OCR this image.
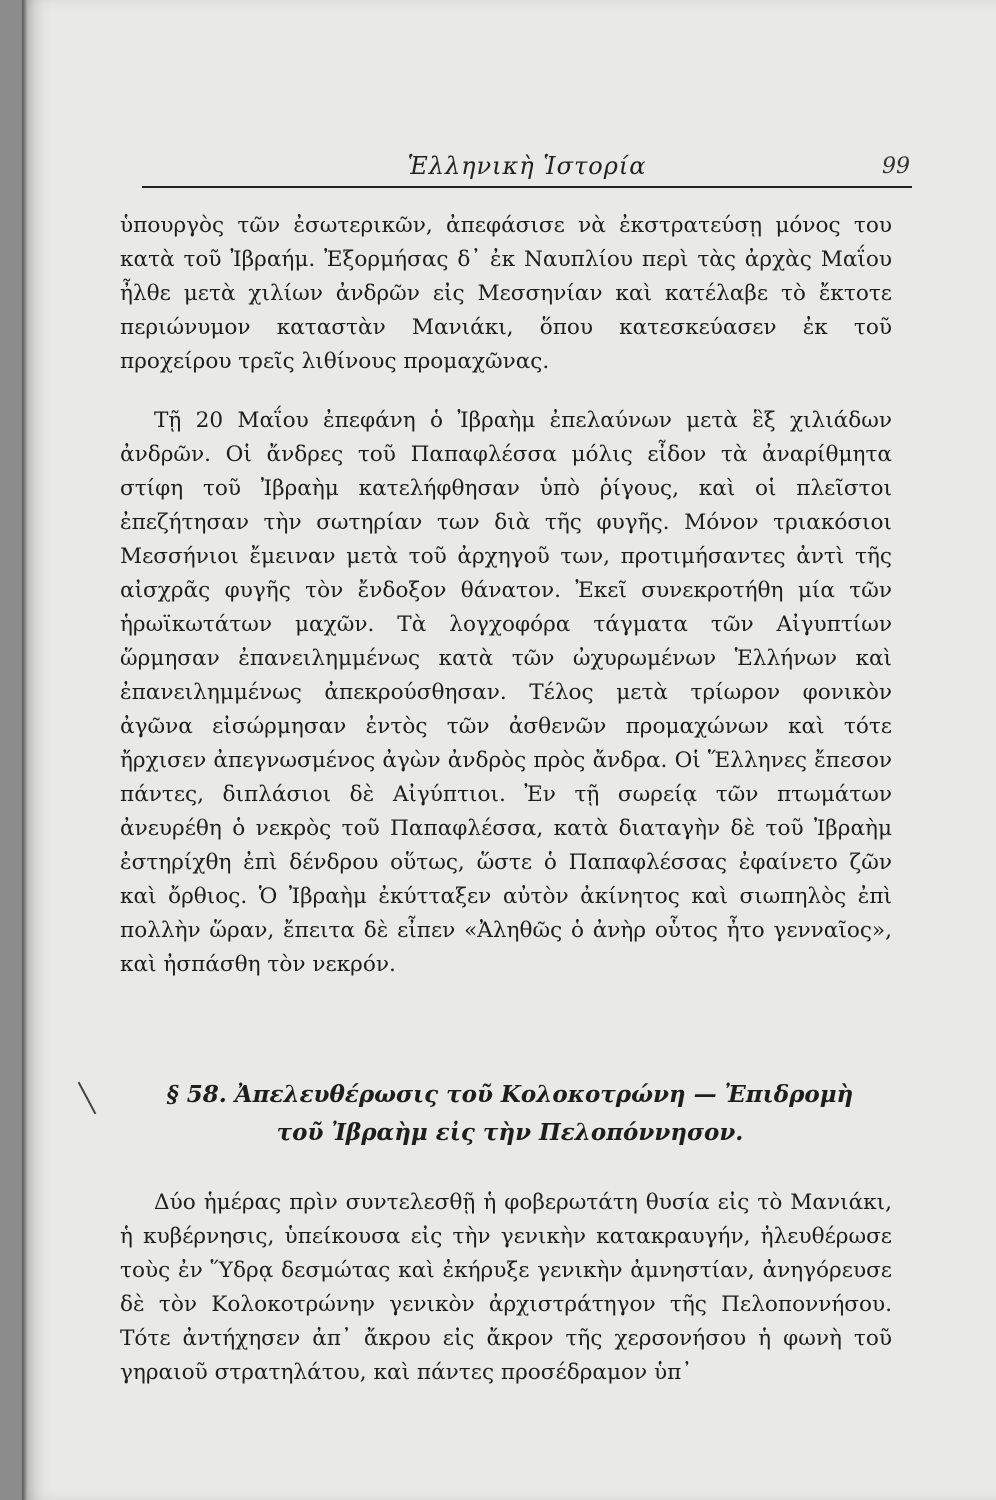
Ἑλληνικὴ Ἱστορία	99

ὑπουργὸς τῶν ἐσωτερικῶν, ἀπεφάσισε νὰ ἐκστρατεύσῃ μόνος του κατὰ τοῦ Ἰβραήμ. Ἐξορμήσας δ᾽ ἐκ Ναυπλίου περὶ τὰς ἀρχὰς Μαΐου ἦλθε μετὰ χιλίων ἀνδρῶν εἰς Μεσσηνίαν καὶ κατέλαβε τὸ ἔκτοτε περιώνυμον καταστὰν Μανιάκι, ὅπου κατεσκεύασεν ἐκ τοῦ προχείρου τρεῖς λιθίνους προμαχῶνας.

Τῇ 20 Μαΐου ἐπεφάνη ὁ Ἰβραὴμ ἐπελαύνων μετὰ ἓξ χιλιάδων ἀνδρῶν. Οἱ ἄνδρες τοῦ Παπαφλέσσα μόλις εἶδον τὰ ἀναρίθμητα στίφη τοῦ Ἰβραὴμ κατελήφθησαν ὑπὸ ῥίγους, καὶ οἱ πλεῖστοι ἐπεζήτησαν τὴν σωτηρίαν των διὰ τῆς φυγῆς. Μόνον τριακόσιοι Μεσσήνιοι ἔμειναν μετὰ τοῦ ἀρχηγοῦ των, προτιμήσαντες ἀντὶ τῆς αἰσχρᾶς φυγῆς τὸν ἔνδοξον θάνατον. Ἐκεῖ συνεκροτήθη μία τῶν ἡρωϊκωτάτων μαχῶν. Τὰ λογχοφόρα τάγματα τῶν Αἰγυπτίων ὥρμησαν ἐπανειλημμένως κατὰ τῶν ὠχυρωμένων Ἑλλήνων καὶ ἐπανειλημμένως ἀπεκρούσθησαν. Τέλος μετὰ τρίωρον φονικὸν ἀγῶνα εἰσώρμησαν ἐντὸς τῶν ἀσθενῶν προμαχώνων καὶ τότε ἤρχισεν ἀπεγνωσμένος ἀγὼν ἀνδρὸς πρὸς ἄνδρα. Οἱ Ἕλληνες ἔπεσον πάντες, διπλάσιοι δὲ Αἰγύπτιοι. Ἐν τῇ σωρείᾳ τῶν πτωμάτων ἀνευρέθη ὁ νεκρὸς τοῦ Παπαφλέσσα, κατὰ διαταγὴν δὲ τοῦ Ἰβραὴμ ἐστηρίχθη ἐπὶ δένδρου οὕτως, ὥστε ὁ Παπαφλέσσας ἐφαίνετο ζῶν καὶ ὄρθιος. Ὁ Ἰβραὴμ ἐκύτταξεν αὐτὸν ἀκίνητος καὶ σιωπηλὸς ἐπὶ πολλὴν ὥραν, ἔπειτα δὲ εἶπεν «Ἀληθῶς ὁ ἀνὴρ οὗτος ἦτο γενναῖος», καὶ ἠσπάσθη τὸν νεκρόν.

§ 58. Ἀπελευθέρωσις τοῦ Κολοκοτρώνη — Ἐπιδρομὴ
τοῦ Ἰβραὴμ εἰς τὴν Πελοπόννησον.

Δύο ἡμέρας πρὶν συντελεσθῇ ἡ φοβερωτάτη θυσία εἰς τὸ Μανιάκι, ἡ κυβέρνησις, ὑπείκουσα εἰς τὴν γενικὴν κατακραυγήν, ἠλευθέρωσε τοὺς ἐν Ὕδρᾳ δεσμώτας καὶ ἐκήρυξε γενικὴν ἀμνηστίαν, ἀνηγόρευσε δὲ τὸν Κολοκοτρώνην γενικὸν ἀρχιστράτηγον τῆς Πελοποννήσου. Τότε ἀντήχησεν ἀπ᾽ ἄκρου εἰς ἄκρον τῆς χερσονήσου ἡ φωνὴ τοῦ γηραιοῦ στρατηλάτου, καὶ πάντες προσέδραμον ὑπ᾽
